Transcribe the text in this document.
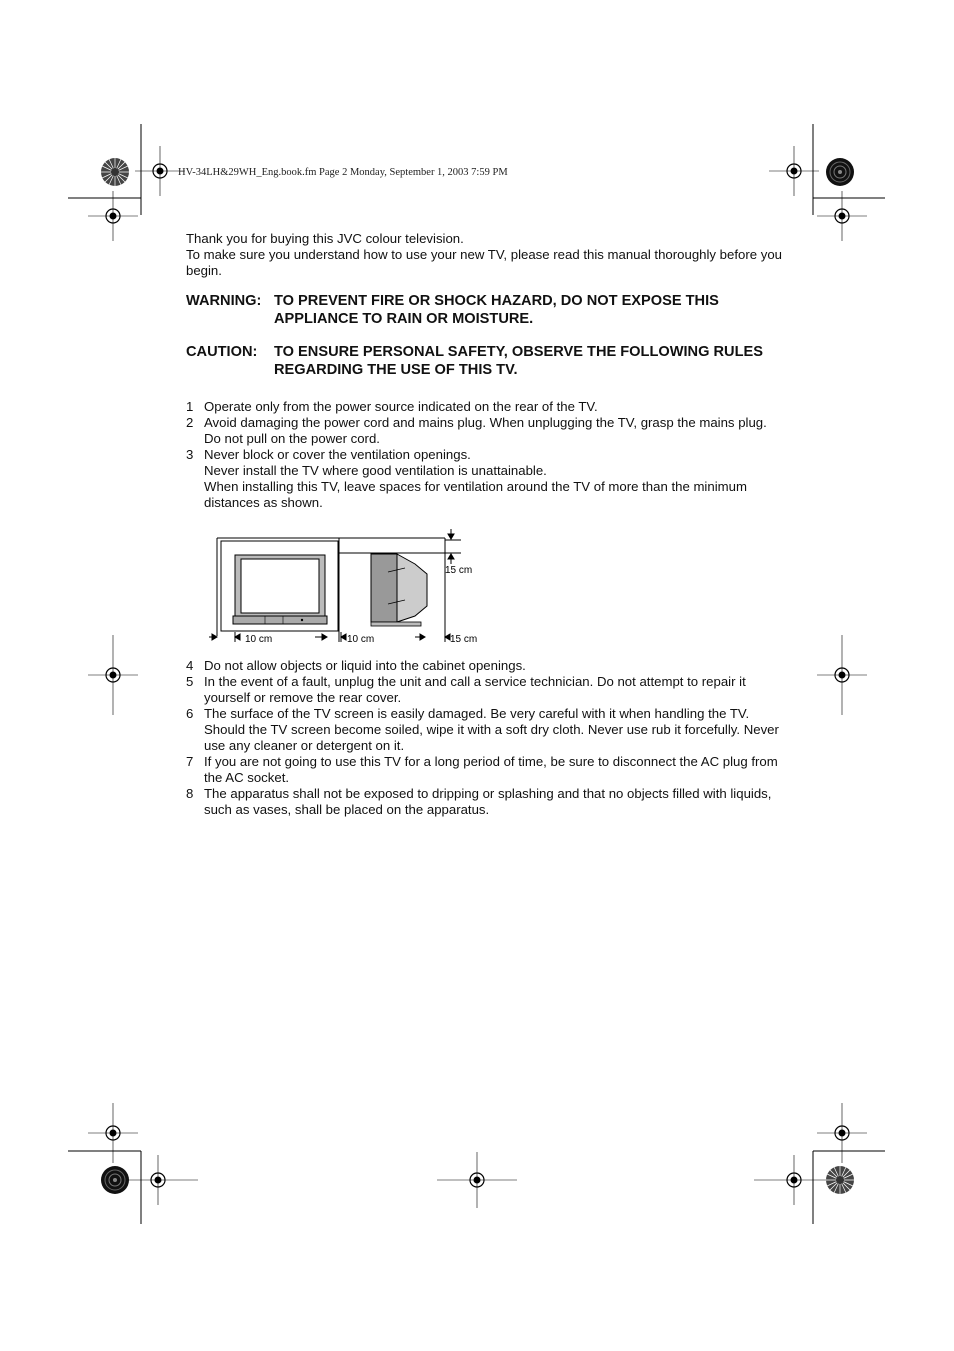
HV-34LH&29WH_Eng.book.fm Page 2 Monday, September 1, 2003 7:59 PM

Thank you for buying this JVC colour television.

To make sure you understand how to use your new TV, please read this manual thoroughly before you begin.

WARNING: TO PREVENT FIRE OR SHOCK HAZARD, DO NOT EXPOSE THIS APPLIANCE TO RAIN OR MOISTURE.
CAUTION: TO ENSURE PERSONAL SAFETY, OBSERVE THE FOLLOWING RULES REGARDING THE USE OF THIS TV.
1 Operate only from the power source indicated on the rear of the TV.
2 Avoid damaging the power cord and mains plug. When unplugging the TV, grasp the mains plug. Do not pull on the power cord.
3 Never block or cover the ventilation openings.
Never install the TV where good ventilation is unattainable.
When installing this TV, leave spaces for ventilation around the TV of more than the minimum distances as shown.
15 cm
10 cm	10 cm	15 cm
4 Do not allow objects or liquid into the cabinet openings.
5 In the event of a fault, unplug the unit and call a service technician. Do not attempt to repair it yourself or remove the rear cover.
6 The surface of the TV screen is easily damaged. Be very careful with it when handling the TV. Should the TV screen become soiled, wipe it with a soft dry cloth. Never use rub it forcefully. Never use any cleaner or detergent on it.
7 If you are not going to use this TV for a long period of time, be sure to disconnect the AC plug from the AC socket.
8 The apparatus shall not be exposed to dripping or splashing and that no objects filled with liquids, such as vases, shall be placed on the apparatus.
